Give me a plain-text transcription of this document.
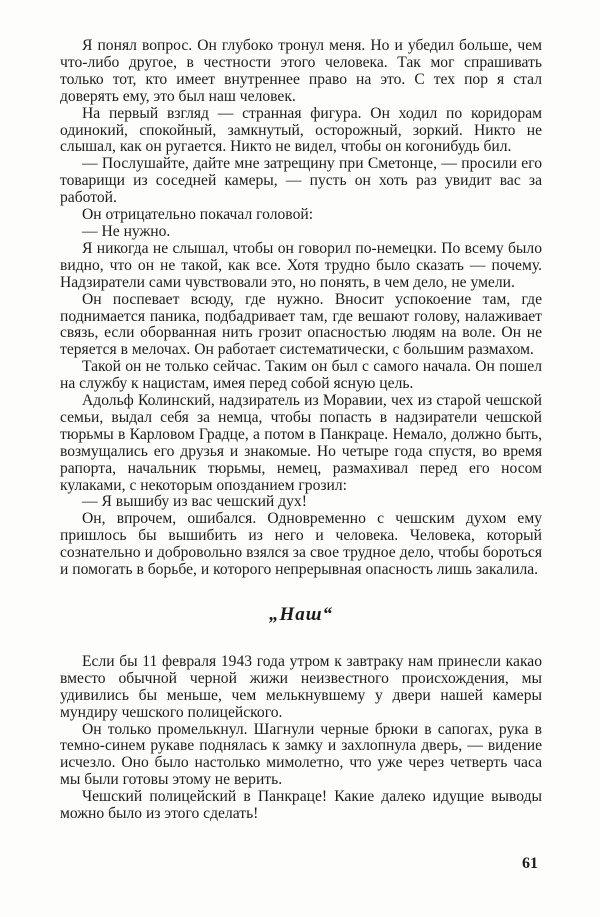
Я понял вопрос. Он глубоко тронул меня. Но и убедил больше, чем что-либо другое, в честности этого человека. Так мог спрашивать только тот, кто имеет внутреннее право на это. С тех пор я стал доверять ему, это был наш человек.

На первый взгляд — странная фигура. Он ходил по коридорам одинокий, спокойный, замкнутый, осторожный, зоркий. Никто не слышал, как он ругается. Никто не видел, чтобы он когонибудь бил.

— Послушайте, дайте мне затрещину при Сметонце, — просили его товарищи из соседней камеры, — пусть он хоть раз увидит вас за работой.

Он отрицательно покачал головой:

— Не нужно.

Я никогда не слышал, чтобы он говорил по-немецки. По всему было видно, что он не такой, как все. Хотя трудно было сказать — почему. Надзиратели сами чувствовали это, но понять, в чем дело, не умели.

Он поспевает всюду, где нужно. Вносит успокоение там, где поднимается паника, подбадривает там, где вешают голову, налаживает связь, если оборванная нить грозит опасностью людям на воле. Он не теряется в мелочах. Он работает систематически, с большим размахом.

Такой он не только сейчас. Таким он был с самого начала. Он пошел на службу к нацистам, имея перед собой ясную цель.

Адольф Колинский, надзиратель из Моравии, чех из старой чешской семьи, выдал себя за немца, чтобы попасть в надзиратели чешской тюрьмы в Карловом Градце, а потом в Панкраце. Немало, должно быть, возмущались его друзья и знакомые. Но четыре года спустя, во время рапорта, начальник тюрьмы, немец, размахивал перед его носом кулаками, с некоторым опозданием грозил:

— Я вышибу из вас чешский дух!

Он, впрочем, ошибался. Одновременно с чешским духом ему пришлось бы вышибить из него и человека. Человека, который сознательно и добровольно взялся за свое трудное дело, чтобы бороться и помогать в борьбе, и которого непрерывная опасность лишь закалила.

„Наш“

Если бы 11 февраля 1943 года утром к завтраку нам принесли какао вместо обычной черной жижи неизвестного происхождения, мы удивились бы меньше, чем мелькнувшему у двери нашей камеры мундиру чешского полицейского.

Он только промелькнул. Шагнули черные брюки в сапогах, рука в темно-синем рукаве поднялась к замку и захлопнула дверь, — видение исчезло. Оно было настолько мимолетно, что уже через четверть часа мы были готовы этому не верить.

Чешский полицейский в Панкраце! Какие далеко идущие выводы можно было из этого сделать!

61
